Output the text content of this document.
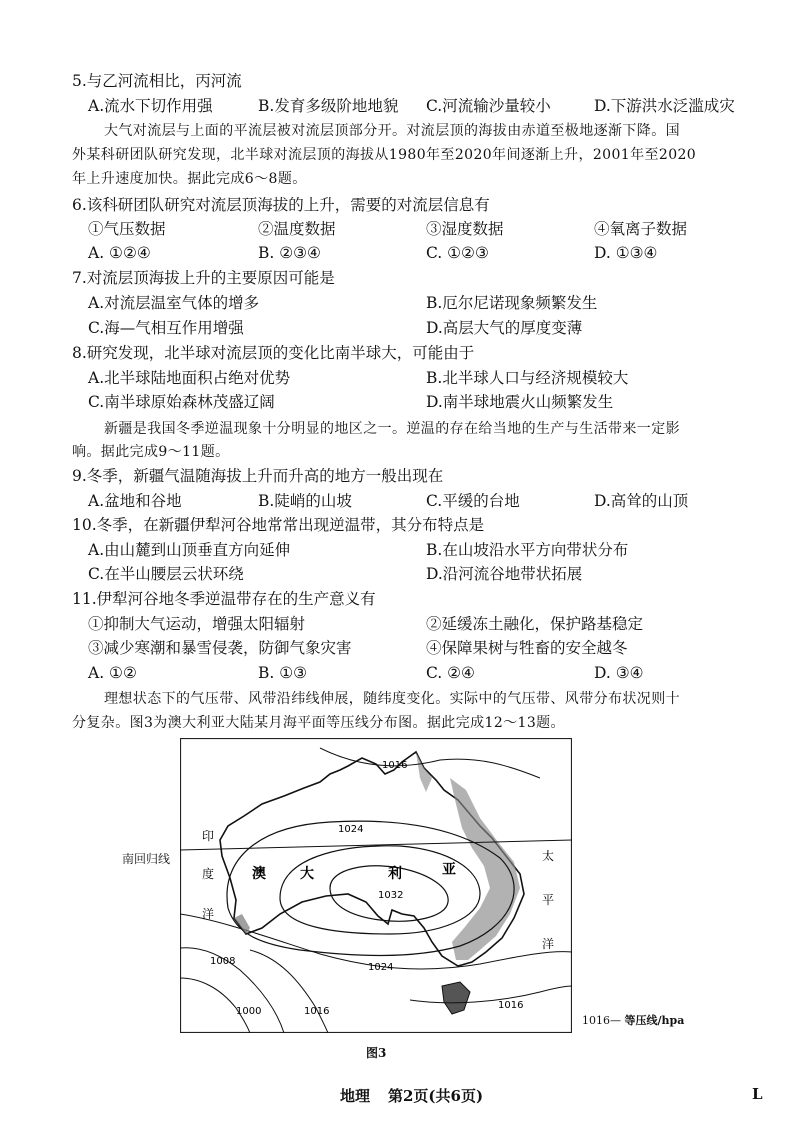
5.与乙河流相比，丙河流
A.流水下切作用强	B.发育多级阶地地貌 C.河流输沙量较小	D.下游洪水泛滥成灾
大气对流层与上面的平流层被对流层顶部分开。对流层顶的海拔由赤道至极地逐渐下降。国
外某科研团队研究发现，北半球对流层顶的海拔从1980年至2020年间逐渐上升，2001年至2020
年上升速度加快。据此完成6～8题。
6.该科研团队研究对流层顶海拔的上升，需要的对流层信息有
①气压数据	②温度数据	③湿度数据	④氧离子数据
A. ①②④	B. ②③④	C. ①②③	D. ①③④
7.对流层顶海拔上升的主要原因可能是
A.对流层温室气体的增多	B.厄尔尼诺现象频繁发生
C.海—气相互作用增强	D.高层大气的厚度变薄
8.研究发现，北半球对流层顶的变化比南半球大，可能由于
A.北半球陆地面积占绝对优势	B.北半球人口与经济规模较大
C.南半球原始森林茂盛辽阔	D.南半球地震火山频繁发生
新疆是我国冬季逆温现象十分明显的地区之一。逆温的存在给当地的生产与生活带来一定影
响。据此完成9～11题。
9.冬季，新疆气温随海拔上升而升高的地方一般出现在
A.盆地和谷地	B.陡峭的山坡	C.平缓的台地	D.高耸的山顶
10.冬季，在新疆伊犁河谷地常常出现逆温带，其分布特点是
A.由山麓到山顶垂直方向延伸	B.在山坡沿水平方向带状分布
C.在半山腰层云状环绕	D.沿河流谷地带状拓展
11.伊犁河谷地冬季逆温带存在的生产意义有
①抑制大气运动，增强太阳辐射	②延缓冻土融化，保护路基稳定
③减少寒潮和暴雪侵袭，防御气象灾害	④保障果树与牲畜的安全越冬
A. ①②	B. ①③	C. ②④	D. ③④
理想状态下的气压带、风带沿纬线伸展，随纬度变化。实际中的气压带、风带分布状况则十
分复杂。图3为澳大利亚大陆某月海平面等压线分布图。据此完成12～13题。
南回归线
印
度
洋
太
平
洋
澳 大	利	亚
1016
1024
1032
1024
1008
1000	1016
1016
1016— 等压线/hpa
图3
地理 第2页(共6页)	L
